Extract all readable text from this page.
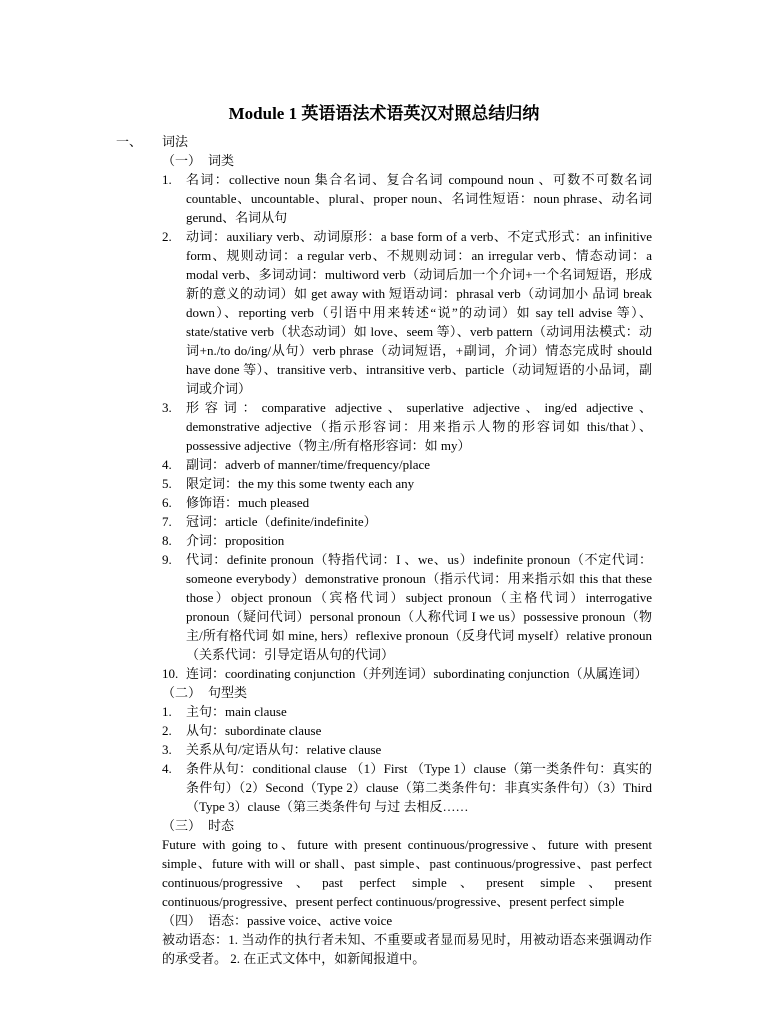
Module 1 英语语法术语英汉对照总结归纳
一、	词法
（一） 词类
1.	名词：collective noun 集合名词、复合名词 compound noun 、可数不可数名词 countable、uncountable、plural、proper noun、名词性短语：noun phrase、动名词gerund、名词从句
2.	动词：auxiliary verb、动词原形：a base form of a verb、不定式形式：an infinitive form、规则动词：a regular verb、不规则动词：an irregular verb、情态动词：a modal verb、多词动词：multiword verb（动词后加一个介词+一个名词短语，形成新的意义的动词）如 get away with 短语动词：phrasal verb（动词加小 品词 break down）、reporting verb（引语中用来转述“说”的动词）如 say tell advise 等）、state/stative verb（状态动词）如 love、seem 等）、verb pattern（动词用法模式：动词+n./to do/ing/从句）verb phrase（动词短语，+副词，介词）情态完成时 should have done 等）、transitive verb、intransitive verb、particle（动词短语的小品词，副词或介词）
3.	形容词：comparative adjective、superlative adjective、ing/ed adjective、demonstrative adjective（指示形容词：用来指示人物的形容词如 this/that）、possessive adjective（物主/所有格形容词：如 my）
4.	副词：adverb of manner/time/frequency/place
5.	限定词：the my this some twenty each any
6.	修饰语：much pleased
7.	冠词：article（definite/indefinite）
8.	介词：proposition
9.	代词：definite pronoun（特指代词：I 、we、us）indefinite pronoun（不定代词：someone everybody）demonstrative pronoun（指示代词：用来指示如 this that these those）object pronoun（宾格代词）subject pronoun（主格代词）interrogative pronoun（疑问代词）personal pronoun（人称代词 I we us）possessive pronoun（物主/所有格代词 如 mine, hers）reflexive pronoun（反身代词 myself）relative pronoun（关系代词：引导定语从句的代词）
10. 连词：coordinating conjunction（并列连词）subordinating conjunction（从属连词）
（二） 句型类
1.	主句：main clause
2.	从句：subordinate clause
3.	关系从句/定语从句：relative clause
4.	条件从句：conditional clause （1）First （Type 1）clause（第一类条件句：真实的条件句）（2）Second（Type 2）clause（第二类条件句：非真实条件句）（3）Third（Type 3）clause（第三类条件句 与过 去相反……
（三） 时态
Future with going to、future with present continuous/progressive、future with present simple、future with will or shall、past simple、past continuous/progressive、past perfect continuous/progressive、past perfect simple、present simple、present continuous/progressive、present perfect continuous/progressive、present perfect simple
（四） 语态：passive voice、active voice
被动语态：1. 当动作的执行者未知、不重要或者显而易见时，用被动语态来强调动作的承受者。 2. 在正式文体中，如新闻报道中。
